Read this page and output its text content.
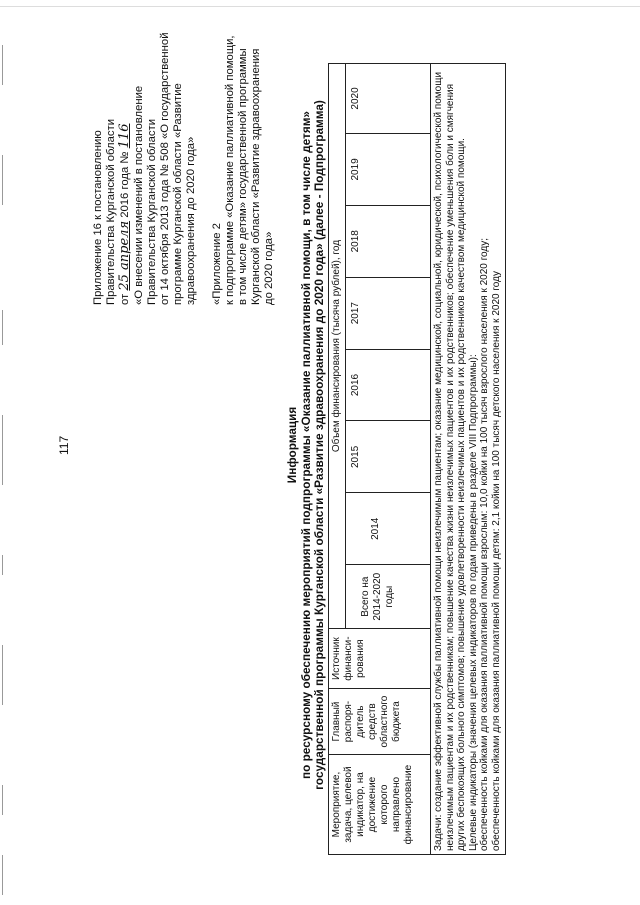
117

Приложение 16 к постановлению Правительства Курганской области от 25 апреля 2016 года № 116 «О внесении изменений в постановление Правительства Курганской области от 14 октября 2013 года № 508 «О государственной программе Курганской области «Развитие здравоохранения до 2020 года» «Приложение 2 к подпрограмме «Оказание паллиативной помощи, в том числе детям» государственной программы Курганской области «Развитие здравоохранения до 2020 года»

Информация по ресурсному обеспечению мероприятий подпрограммы «Оказание паллиативной помощи, в том числе детям» государственной программы Курганской области «Развитие здравоохранения до 2020 года» (далее - Подпрограмма)

Мероприятие, задача, целевой индикатор, на достижение которого направлено финансирование	Главный распоря-дитель средств областного бюджета	Источник финанси-рования	Объем финансирования (тысяча рублей), год							
			Всего на 2014-2020 годы	2014	2015	2016	2017	2018	2019	2020

Задачи: создание эффективной службы паллиативной помощи неизлечимым пациентам; оказание медицинской, социальной, юридической, психологической помощи неизлечимым пациентам и их родственникам; повышение качества жизни неизлечимых пациентов и их родственников; обеспечение уменьшения боли и смягчения других беспокоящих больного симптомов; повышение удовлетворенности неизлечимых пациентов и их родственников качеством медицинской помощи. Целевые индикаторы (значения целевых индикаторов по годам приведены в разделе VIII Подпрограммы): обеспеченность койками для оказания паллиативной помощи взрослым: 10,0 койки на 100 тысяч взрослого населения к 2020 году; обеспеченность койками для оказания паллиативной помощи детям: 2,1 койки на 100 тысяч детского населения к 2020 году										
